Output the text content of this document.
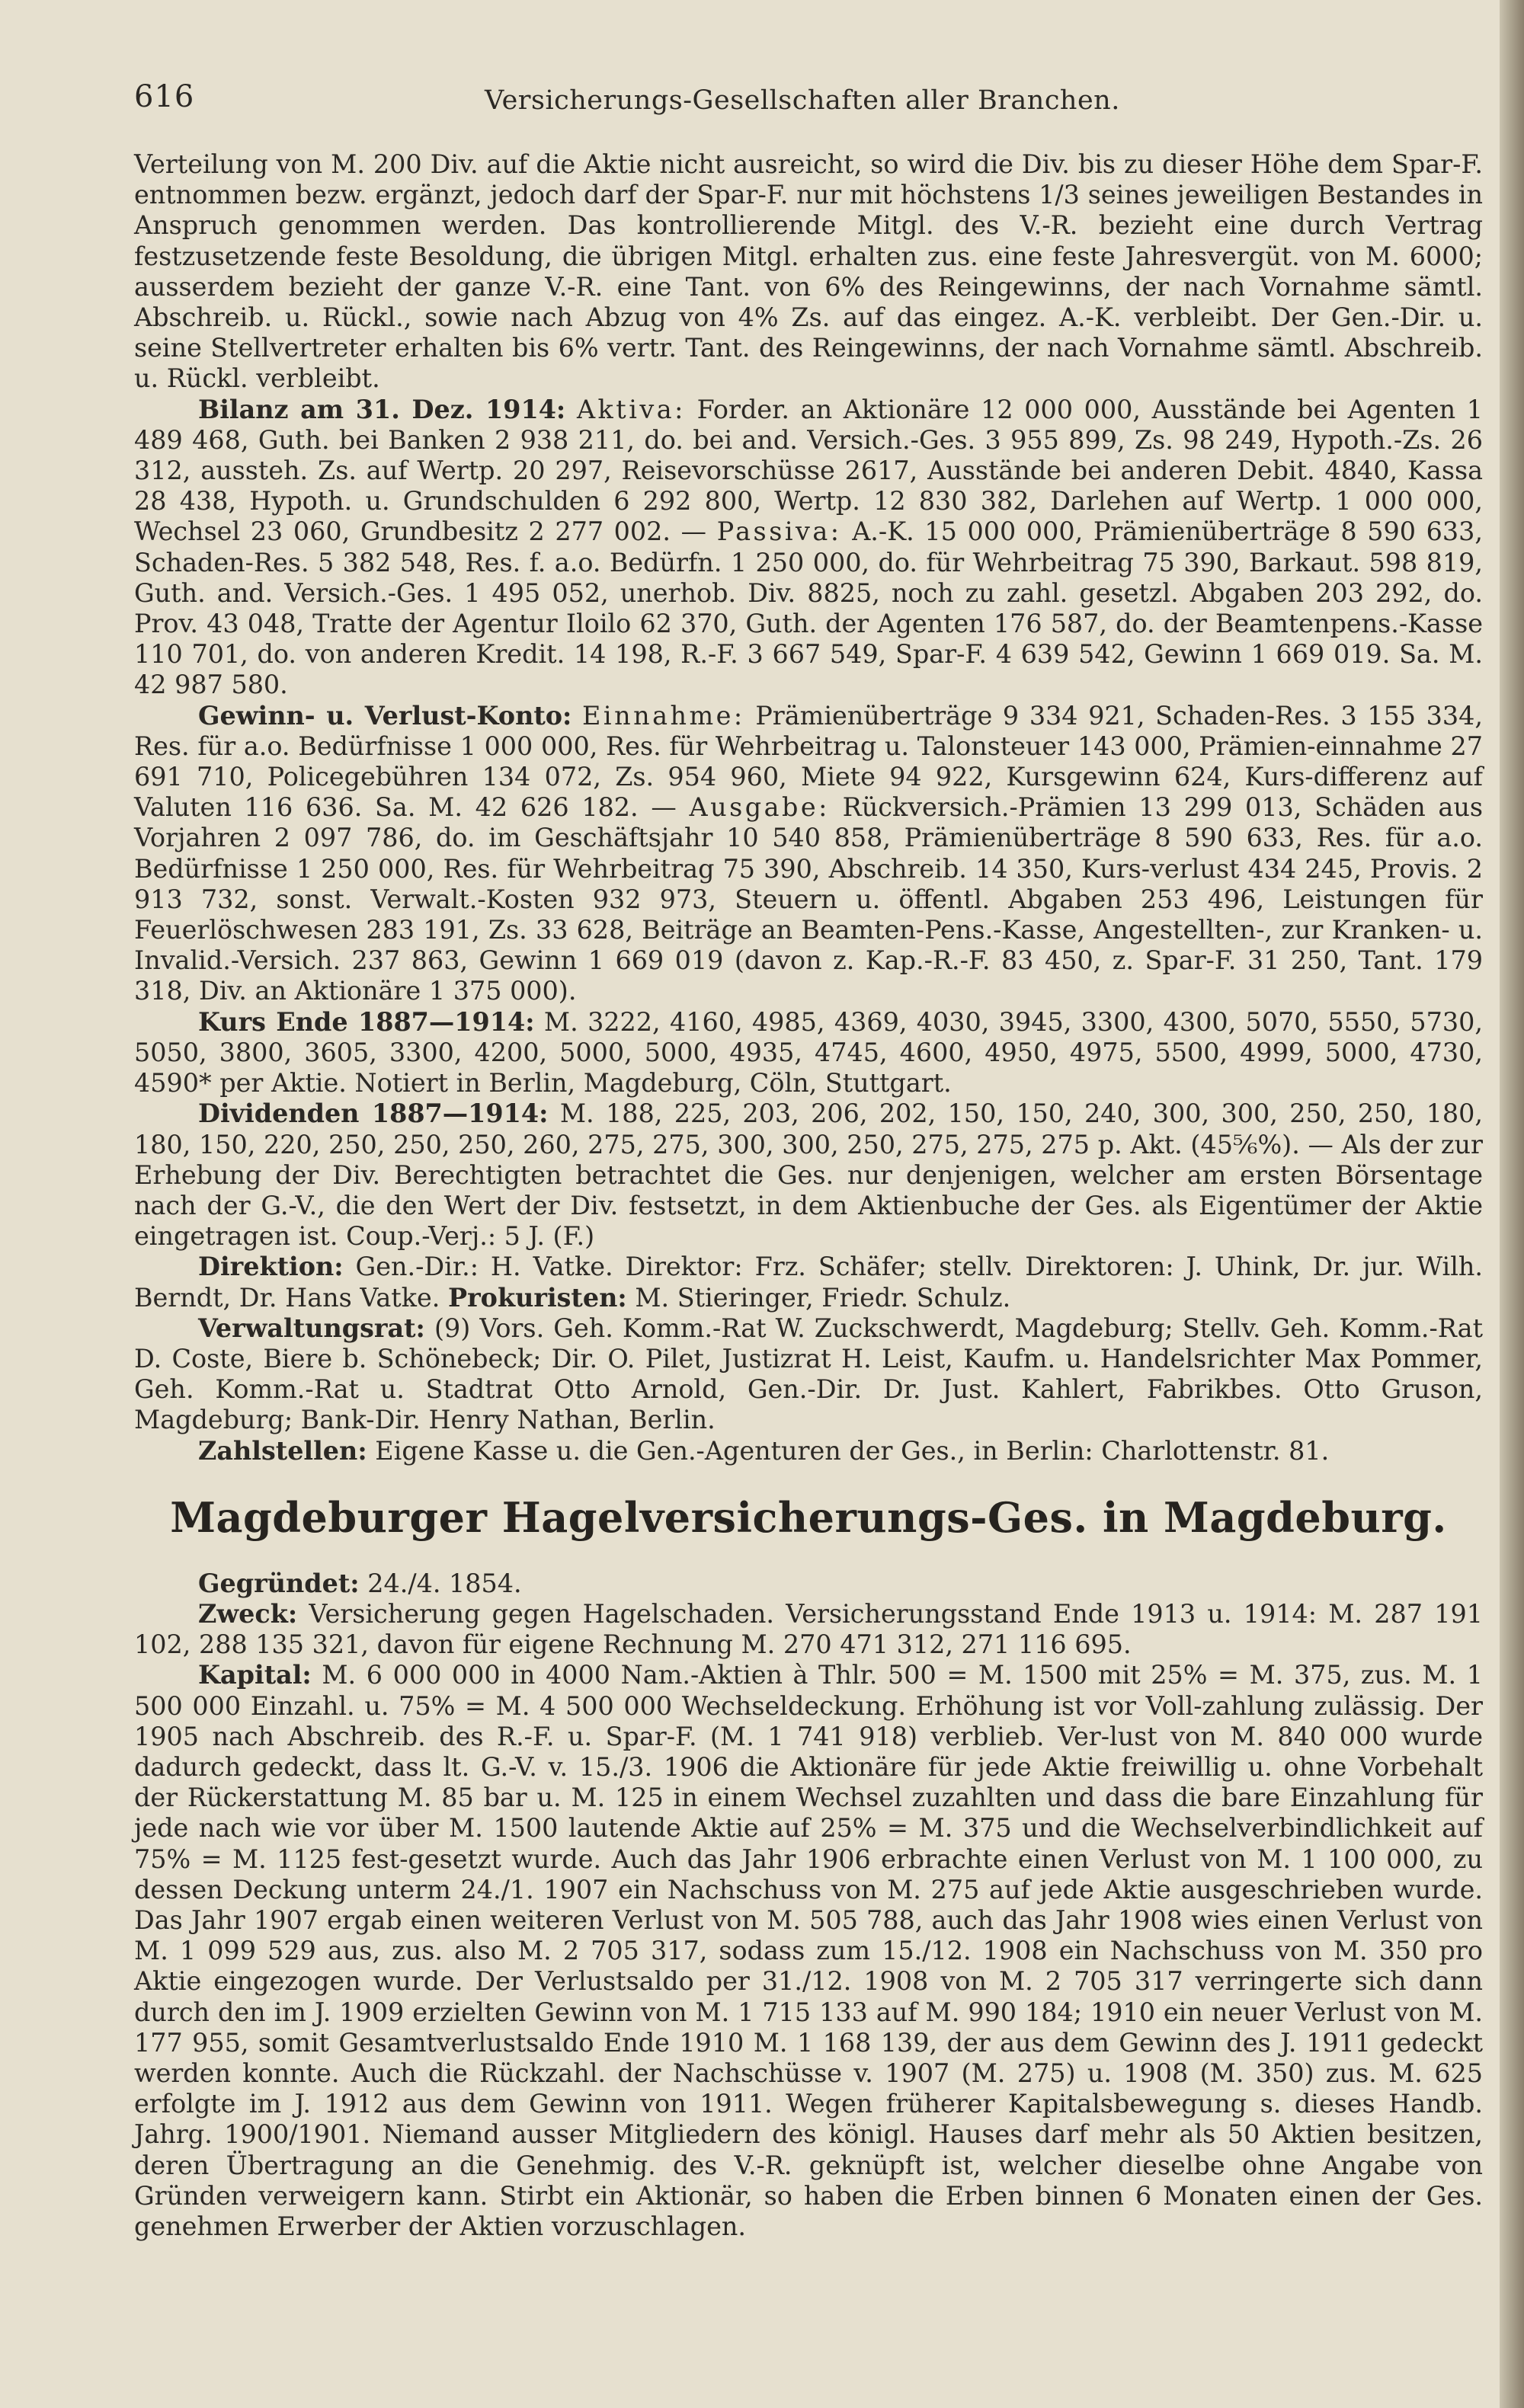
616	Versicherungs-Gesellschaften aller Branchen.

Verteilung von M. 200 Div. auf die Aktie nicht ausreicht, so wird die Div. bis zu dieser Höhe dem Spar-F. entnommen bezw. ergänzt, jedoch darf der Spar-F. nur mit höchstens 1/3 seines jeweiligen Bestandes in Anspruch genommen werden. Das kontrollierende Mitgl. des V.-R. bezieht eine durch Vertrag festzusetzende feste Besoldung, die übrigen Mitgl. erhalten zus. eine feste Jahresvergüt. von M. 6000; ausserdem bezieht der ganze V.-R. eine Tant. von 6% des Reingewinns, der nach Vornahme sämtl. Abschreib. u. Rückl., sowie nach Abzug von 4% Zs. auf das eingez. A.-K. verbleibt. Der Gen.-Dir. u. seine Stellvertreter erhalten bis 6% vertr. Tant. des Reingewinns, der nach Vornahme sämtl. Abschreib. u. Rückl. verbleibt.

Bilanz am 31. Dez. 1914: Aktiva: Forder. an Aktionäre 12 000 000, Ausstände bei Agenten 1 489 468, Guth. bei Banken 2 938 211, do. bei and. Versich.-Ges. 3 955 899, Zs. 98 249, Hypoth.-Zs. 26 312, aussteh. Zs. auf Wertp. 20 297, Reisevorschüsse 2617, Ausstände bei anderen Debit. 4840, Kassa 28 438, Hypoth. u. Grundschulden 6 292 800, Wertp. 12 830 382, Darlehen auf Wertp. 1 000 000, Wechsel 23 060, Grundbesitz 2 277 002. — Passiva: A.-K. 15 000 000, Prämienüberträge 8 590 633, Schaden-Res. 5 382 548, Res. f. a.o. Bedürfn. 1 250 000, do. für Wehrbeitrag 75 390, Barkaut. 598 819, Guth. and. Versich.-Ges. 1 495 052, unerhob. Div. 8825, noch zu zahl. gesetzl. Abgaben 203 292, do. Prov. 43 048, Tratte der Agentur Iloilo 62 370, Guth. der Agenten 176 587, do. der Beamtenpens.-Kasse 110 701, do. von anderen Kredit. 14 198, R.-F. 3 667 549, Spar-F. 4 639 542, Gewinn 1 669 019. Sa. M. 42 987 580.

Gewinn- u. Verlust-Konto: Einnahme: Prämienüberträge 9 334 921, Schaden-Res. 3 155 334, Res. für a.o. Bedürfnisse 1 000 000, Res. für Wehrbeitrag u. Talonsteuer 143 000, Prämien-einnahme 27 691 710, Policegebühren 134 072, Zs. 954 960, Miete 94 922, Kursgewinn 624, Kurs-differenz auf Valuten 116 636. Sa. M. 42 626 182. — Ausgabe: Rückversich.-Prämien 13 299 013, Schäden aus Vorjahren 2 097 786, do. im Geschäftsjahr 10 540 858, Prämienüberträge 8 590 633, Res. für a.o. Bedürfnisse 1 250 000, Res. für Wehrbeitrag 75 390, Abschreib. 14 350, Kurs-verlust 434 245, Provis. 2 913 732, sonst. Verwalt.-Kosten 932 973, Steuern u. öffentl. Abgaben 253 496, Leistungen für Feuerlöschwesen 283 191, Zs. 33 628, Beiträge an Beamten-Pens.-Kasse, Angestellten-, zur Kranken- u. Invalid.-Versich. 237 863, Gewinn 1 669 019 (davon z. Kap.-R.-F. 83 450, z. Spar-F. 31 250, Tant. 179 318, Div. an Aktionäre 1 375 000).

Kurs Ende 1887—1914: M. 3222, 4160, 4985, 4369, 4030, 3945, 3300, 4300, 5070, 5550, 5730, 5050, 3800, 3605, 3300, 4200, 5000, 5000, 4935, 4745, 4600, 4950, 4975, 5500, 4999, 5000, 4730, 4590* per Aktie. Notiert in Berlin, Magdeburg, Cöln, Stuttgart.

Dividenden 1887—1914: M. 188, 225, 203, 206, 202, 150, 150, 240, 300, 300, 250, 250, 180, 180, 150, 220, 250, 250, 250, 260, 275, 275, 300, 300, 250, 275, 275, 275 p. Akt. (45⅚%). — Als der zur Erhebung der Div. Berechtigten betrachtet die Ges. nur denjenigen, welcher am ersten Börsentage nach der G.-V., die den Wert der Div. festsetzt, in dem Aktienbuche der Ges. als Eigentümer der Aktie eingetragen ist. Coup.-Verj.: 5 J. (F.)

Direktion: Gen.-Dir.: H. Vatke. Direktor: Frz. Schäfer; stellv. Direktoren: J. Uhink, Dr. jur. Wilh. Berndt, Dr. Hans Vatke. Prokuristen: M. Stieringer, Friedr. Schulz.

Verwaltungsrat: (9) Vors. Geh. Komm.-Rat W. Zuckschwerdt, Magdeburg; Stellv. Geh. Komm.-Rat D. Coste, Biere b. Schönebeck; Dir. O. Pilet, Justizrat H. Leist, Kaufm. u. Handelsrichter Max Pommer, Geh. Komm.-Rat u. Stadtrat Otto Arnold, Gen.-Dir. Dr. Just. Kahlert, Fabrikbes. Otto Gruson, Magdeburg; Bank-Dir. Henry Nathan, Berlin.

Zahlstellen: Eigene Kasse u. die Gen.-Agenturen der Ges., in Berlin: Charlottenstr. 81.

Magdeburger Hagelversicherungs-Ges. in Magdeburg.

Gegründet: 24./4. 1854.

Zweck: Versicherung gegen Hagelschaden. Versicherungsstand Ende 1913 u. 1914: M. 287 191 102, 288 135 321, davon für eigene Rechnung M. 270 471 312, 271 116 695.

Kapital: M. 6 000 000 in 4000 Nam.-Aktien à Thlr. 500 = M. 1500 mit 25% = M. 375, zus. M. 1 500 000 Einzahl. u. 75% = M. 4 500 000 Wechseldeckung. Erhöhung ist vor Voll-zahlung zulässig. Der 1905 nach Abschreib. des R.-F. u. Spar-F. (M. 1 741 918) verblieb. Ver-lust von M. 840 000 wurde dadurch gedeckt, dass lt. G.-V. v. 15./3. 1906 die Aktionäre für jede Aktie freiwillig u. ohne Vorbehalt der Rückerstattung M. 85 bar u. M. 125 in einem Wechsel zuzahlten und dass die bare Einzahlung für jede nach wie vor über M. 1500 lautende Aktie auf 25% = M. 375 und die Wechselverbindlichkeit auf 75% = M. 1125 fest-gesetzt wurde. Auch das Jahr 1906 erbrachte einen Verlust von M. 1 100 000, zu dessen Deckung unterm 24./1. 1907 ein Nachschuss von M. 275 auf jede Aktie ausgeschrieben wurde. Das Jahr 1907 ergab einen weiteren Verlust von M. 505 788, auch das Jahr 1908 wies einen Verlust von M. 1 099 529 aus, zus. also M. 2 705 317, sodass zum 15./12. 1908 ein Nachschuss von M. 350 pro Aktie eingezogen wurde. Der Verlustsaldo per 31./12. 1908 von M. 2 705 317 verringerte sich dann durch den im J. 1909 erzielten Gewinn von M. 1 715 133 auf M. 990 184; 1910 ein neuer Verlust von M. 177 955, somit Gesamtverlustsaldo Ende 1910 M. 1 168 139, der aus dem Gewinn des J. 1911 gedeckt werden konnte. Auch die Rückzahl. der Nachschüsse v. 1907 (M. 275) u. 1908 (M. 350) zus. M. 625 erfolgte im J. 1912 aus dem Gewinn von 1911. Wegen früherer Kapitalsbewegung s. dieses Handb. Jahrg. 1900/1901. Niemand ausser Mitgliedern des königl. Hauses darf mehr als 50 Aktien besitzen, deren Übertragung an die Genehmig. des V.-R. geknüpft ist, welcher dieselbe ohne Angabe von Gründen verweigern kann. Stirbt ein Aktionär, so haben die Erben binnen 6 Monaten einen der Ges. genehmen Erwerber der Aktien vorzuschlagen.
